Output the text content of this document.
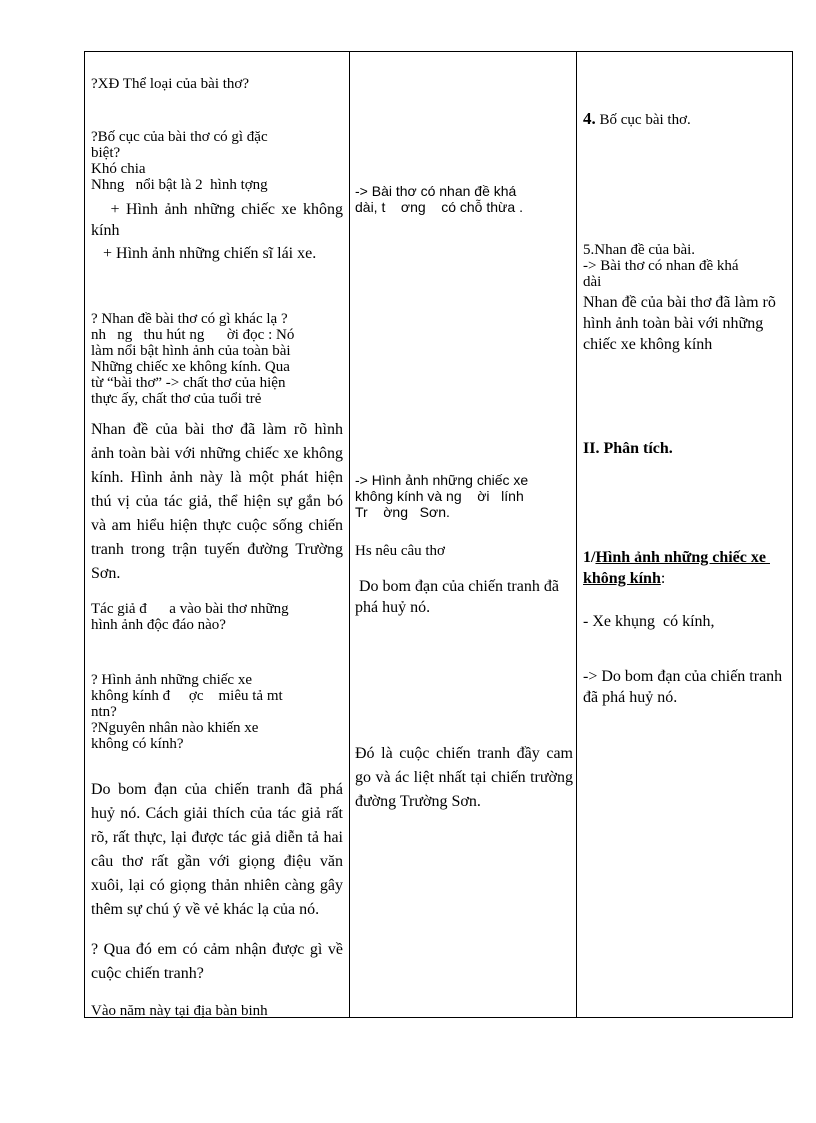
?XĐ Thể loại của bài thơ?

?Bố cục của bài thơ có gì đặc
biệt?
Khó chia
Nhng   nổi bật là 2  hình tợng

+ Hình ảnh những chiếc xe không kính

+ Hình ảnh những chiến sĩ lái xe.

? Nhan đề bài thơ có gì khác lạ ?
nh   ng   thu hút ng      ời đọc : Nó
làm nổi bật hình ảnh của toàn bài
Những chiếc xe không kính. Qua
từ “bài thơ” -> chất thơ của hiện
thực ấy, chất thơ của tuổi trẻ

Nhan đề của bài thơ đã làm rõ hình ảnh toàn bài với những chiếc xe không kính. Hình ảnh này là một phát hiện thú vị của tác giả, thể hiện sự gắn bó và am hiểu hiện thực cuộc sống chiến tranh trong trận tuyến đường Trường Sơn.

Tác giả đ      a vào bài thơ những
hình ảnh độc đáo nào?

? Hình ảnh những chiếc xe
không kính đ     ợc    miêu tả mt
ntn?
?Nguyên nhân nào khiến xe
không có kính?

Do bom đạn của chiến tranh đã phá huỷ nó. Cách giải thích của tác giả rất rõ, rất thực, lại được tác giả diễn tả hai câu thơ rất gần với giọng điệu văn xuôi, lại có giọng thản nhiên càng gây thêm sự chú ý về vẻ khác lạ của nó.

? Qua đó em có cảm nhận được gì về cuộc chiến tranh?

Vào năm này tại địa bàn binh

-> Bài thơ có nhan đề khá
dài, t    ơng    có chỗ thừa .

-> Hình ảnh những chiếc xe
không kính và ng    ời   lính
Tr    ờng   Sơn.

Hs nêu câu thơ

Do bom đạn của chiến tranh đã phá huỷ nó.

Đó là cuộc chiến tranh đầy cam go và ác liệt nhất tại chiến trường đường Trường Sơn.

4. Bố cục bài thơ.

5.Nhan đề của bài.
-> Bài thơ có nhan đề khá
dài

Nhan đề của bài thơ đã làm rõ hình ảnh toàn bài với những chiếc xe không kính

II. Phân tích.

1/Hình ảnh những chiếc xe không kính:

- Xe khụng  có kính,

-> Do bom đạn của chiến tranh đã phá huỷ nó.
